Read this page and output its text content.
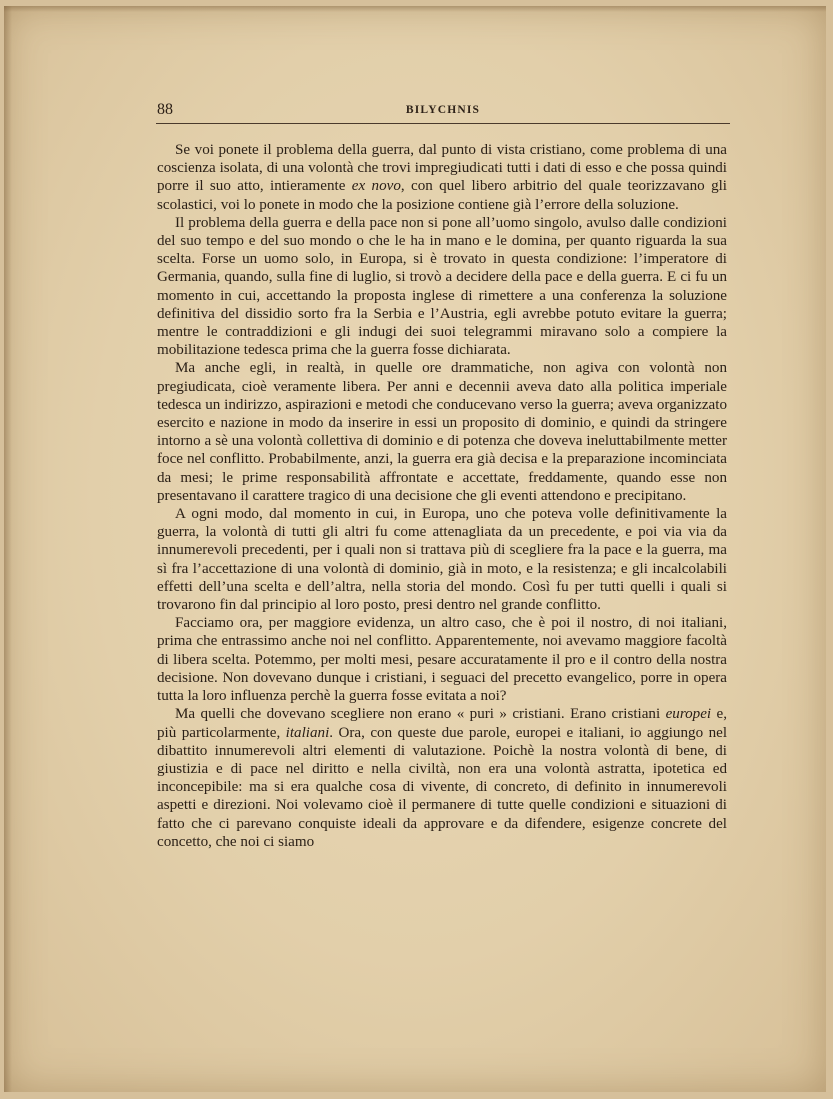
88	BILYCHNIS

Se voi ponete il problema della guerra, dal punto di vista cristiano, come problema di una coscienza isolata, di una volontà che trovi impregiudicati tutti i dati di esso e che possa quindi porre il suo atto, intieramente ex novo, con quel libero arbitrio del quale teorizzavano gli scolastici, voi lo ponete in modo che la posizione contiene già l’errore della soluzione.

Il problema della guerra e della pace non si pone all’uomo singolo, avulso dalle condizioni del suo tempo e del suo mondo o che le ha in mano e le domina, per quanto riguarda la sua scelta. Forse un uomo solo, in Europa, si è trovato in questa condizione: l’imperatore di Germania, quando, sulla fine di luglio, si trovò a decidere della pace e della guerra. E ci fu un momento in cui, accettando la proposta inglese di rimettere a una conferenza la soluzione definitiva del dissidio sorto fra la Serbia e l’Austria, egli avrebbe potuto evitare la guerra; mentre le contraddizioni e gli indugi dei suoi telegrammi miravano solo a compiere la mobilitazione tedesca prima che la guerra fosse dichiarata.

Ma anche egli, in realtà, in quelle ore drammatiche, non agiva con volontà non pregiudicata, cioè veramente libera. Per anni e decennii aveva dato alla politica imperiale tedesca un indirizzo, aspirazioni e metodi che conducevano verso la guerra; aveva organizzato esercito e nazione in modo da inserire in essi un proposito di dominio, e quindi da stringere intorno a sè una volontà collettiva di dominio e di potenza che doveva ineluttabilmente metter foce nel conflitto. Probabilmente, anzi, la guerra era già decisa e la preparazione incominciata da mesi; le prime responsabilità affrontate e accettate, freddamente, quando esse non presentavano il carattere tragico di una decisione che gli eventi attendono e precipitano.

A ogni modo, dal momento in cui, in Europa, uno che poteva volle definitivamente la guerra, la volontà di tutti gli altri fu come attenagliata da un precedente, e poi via via da innumerevoli precedenti, per i quali non si trattava più di scegliere fra la pace e la guerra, ma sì fra l’accettazione di una volontà di dominio, già in moto, e la resistenza; e gli incalcolabili effetti dell’una scelta e dell’altra, nella storia del mondo. Così fu per tutti quelli i quali si trovarono fin dal principio al loro posto, presi dentro nel grande conflitto.

Facciamo ora, per maggiore evidenza, un altro caso, che è poi il nostro, di noi italiani, prima che entrassimo anche noi nel conflitto. Apparentemente, noi avevamo maggiore facoltà di libera scelta. Potemmo, per molti mesi, pesare accuratamente il pro e il contro della nostra decisione. Non dovevano dunque i cristiani, i seguaci del precetto evangelico, porre in opera tutta la loro influenza perchè la guerra fosse evitata a noi?

Ma quelli che dovevano scegliere non erano « puri » cristiani. Erano cristiani europei e, più particolarmente, italiani. Ora, con queste due parole, europei e italiani, io aggiungo nel dibattito innumerevoli altri elementi di valutazione. Poichè la nostra volontà di bene, di giustizia e di pace nel diritto e nella civiltà, non era una volontà astratta, ipotetica ed inconcepibile: ma si era qualche cosa di vivente, di concreto, di definito in innumerevoli aspetti e direzioni. Noi volevamo cioè il permanere di tutte quelle condizioni e situazioni di fatto che ci parevano conquiste ideali da approvare e da difendere, esigenze concrete del concetto, che noi ci siamo
